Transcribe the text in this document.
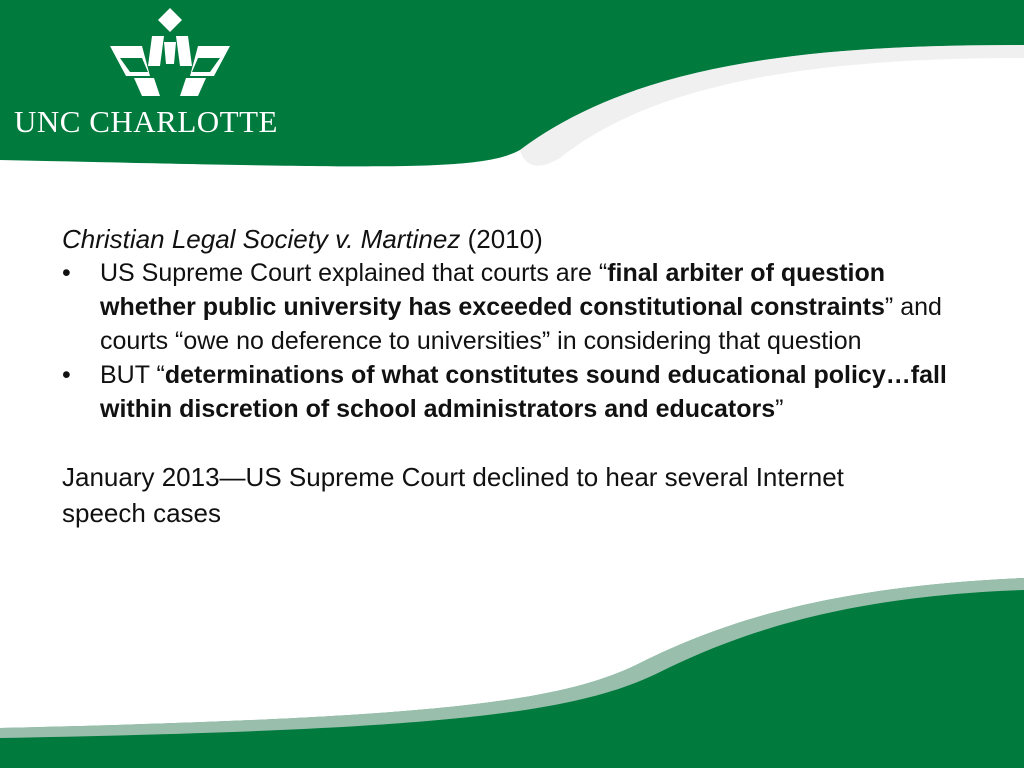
UNC CHARLOTTE

Christian Legal Society v. Martinez (2010)

• US Supreme Court explained that courts are “final arbiter of question whether public university has exceeded constitutional constraints” and courts “owe no deference to universities” in considering that question
• BUT “determinations of what constitutes sound educational policy…fall within discretion of school administrators and educators”

January 2013—US Supreme Court declined to hear several Internet speech cases
